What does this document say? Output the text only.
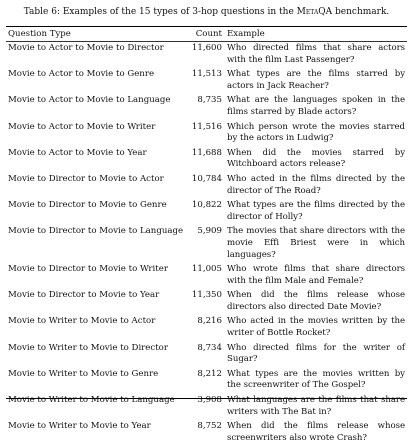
Table 6: Examples of the 15 types of 3-hop questions in the MetaQA benchmark.
Question Type	Count	Example
Movie to Actor to Movie to Director	11,600	Who directed films that share actors with the film Last Passenger?
Movie to Actor to Movie to Genre	11,513	What types are the films starred by actors in Jack Reacher?
Movie to Actor to Movie to Language	8,735	What are the languages spoken in the films starred by Blade actors?
Movie to Actor to Movie to Writer	11,516	Which person wrote the movies starred by the actors in Ludwig?
Movie to Actor to Movie to Year	11,688	When did the movies starred by Witchboard actors release?
Movie to Director to Movie to Actor	10,784	Who acted in the films directed by the director of The Road?
Movie to Director to Movie to Genre	10,822	What types are the films directed by the director of Holly?
Movie to Director to Movie to Language	5,909	The movies that share directors with the movie Effi Briest were in which languages?
Movie to Director to Movie to Writer	11,005	Who wrote films that share directors with the film Male and Female?
Movie to Director to Movie to Year	11,350	When did the films release whose directors also directed Date Movie?
Movie to Writer to Movie to Actor	8,216	Who acted in the movies written by the writer of Bottle Rocket?
Movie to Writer to Movie to Director	8,734	Who directed films for the writer of Sugar?
Movie to Writer to Movie to Genre	8,212	What types are the movies written by the screenwriter of The Gospel?
Movie to Writer to Movie to Language	3,908	What languages are the films that share writers with The Bat in?
Movie to Writer to Movie to Year	8,752	When did the films release whose screenwriters also wrote Crash?
